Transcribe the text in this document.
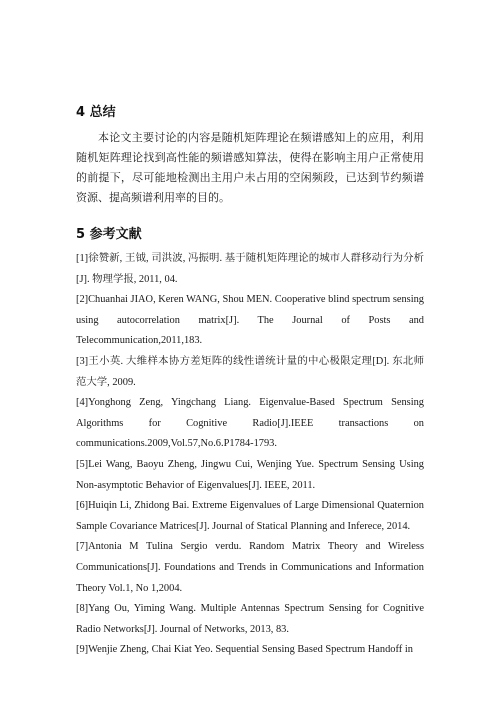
4 总结

本论文主要讨论的内容是随机矩阵理论在频谱感知上的应用，利用随机矩阵理论找到高性能的频谱感知算法，使得在影响主用户正常使用的前提下，尽可能地检测出主用户未占用的空闲频段，已达到节约频谱资源、提高频谱利用率的目的。

5 参考文献

[1]徐赞新, 王钺, 司洪波, 冯振明. 基于随机矩阵理论的城市人群移动行为分析[J]. 物理学报, 2011, 04.

[2]Chuanhai JIAO, Keren WANG, Shou MEN. Cooperative blind spectrum sensing using autocorrelation matrix[J]. The Journal of Posts and Telecommunication,2011,183.

[3]王小英. 大维样本协方差矩阵的线性谱统计量的中心极限定理[D]. 东北师范大学, 2009.

[4]Yonghong Zeng, Yingchang Liang. Eigenvalue-Based Spectrum Sensing Algorithms for Cognitive Radio[J].IEEE transactions on communications.2009,Vol.57,No.6.P1784-1793.

[5]Lei Wang, Baoyu Zheng, Jingwu Cui, Wenjing Yue. Spectrum Sensing Using Non-asymptotic Behavior of Eigenvalues[J]. IEEE, 2011.

[6]Huiqin Li, Zhidong Bai. Extreme Eigenvalues of Large Dimensional Quaternion Sample Covariance Matrices[J]. Journal of Statical Planning and Inferece, 2014.

[7]Antonia M Tulina Sergio verdu. Random Matrix Theory and Wireless Communications[J]. Foundations and Trends in Communications and Information Theory Vol.1, No 1,2004.

[8]Yang Ou, Yiming Wang. Multiple Antennas Spectrum Sensing for Cognitive Radio Networks[J]. Journal of Networks, 2013, 83.

[9]Wenjie Zheng, Chai Kiat Yeo. Sequential Sensing Based Spectrum Handoff in
